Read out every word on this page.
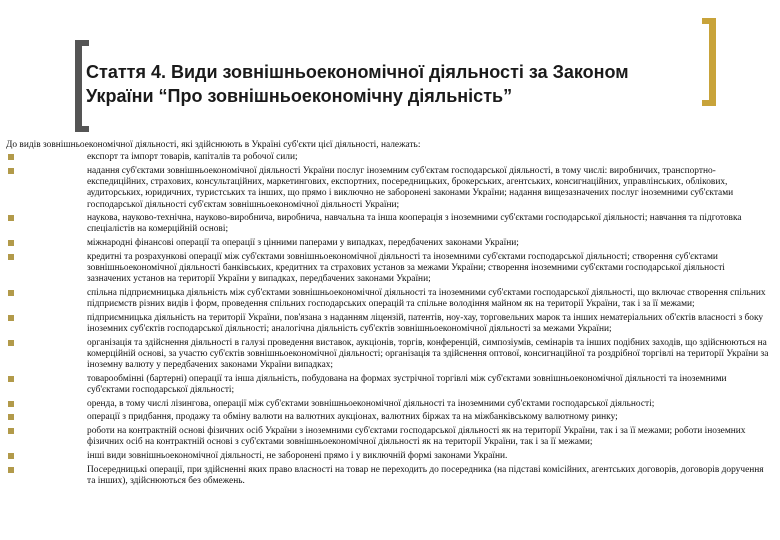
Стаття 4. Види зовнішньоекономічної діяльності за Законом
України “Про зовнішньоекономічну діяльність”

До видів зовнішньоекономічної діяльності, які здійснюють в Україні суб'єкти цієї діяльності, належать:

експорт та імпорт товарів, капіталів та робочої сили;
надання суб'єктами зовнішньоекономічної діяльності України послуг іноземним суб'єктам господарської діяльності, в тому числі: виробничих, транспортно-експедиційних, страхових, консультаційних, маркетингових, експортних, посередницьких, брокерських, агентських, консигнаційних, управлінських, облікових, аудиторських, юридичних, туристських та інших, що прямо і виключно не заборонені законами України; надання вищезазначених послуг іноземними суб'єктами господарської діяльності суб'єктам зовнішньоекономічної діяльності України;
наукова, науково-технічна, науково-виробнича, виробнича, навчальна та інша кооперація з іноземними суб'єктами господарської діяльності; навчання та підготовка спеціалістів на комерційній основі;
міжнародні фінансові операції та операції з цінними паперами у випадках, передбачених законами України;
кредитні та розрахункові операції між суб'єктами зовнішньоекономічної діяльності та іноземними суб'єктами господарської діяльності; створення суб'єктами зовнішньоекономічної діяльності банківських, кредитних та страхових установ за межами України; створення іноземними суб'єктами господарської діяльності зазначених установ на території України у випадках, передбачених законами України;
спільна підприємницька діяльність між суб'єктами зовнішньоекономічної діяльності та іноземними суб'єктами господарської діяльності, що включає створення спільних підприємств різних видів і форм, проведення спільних господарських операцій та спільне володіння майном як на території України, так і за її межами;
підприємницька діяльність на території України, пов'язана з наданням ліцензій, патентів, ноу-хау, торговельних марок та інших нематеріальних об'єктів власності з боку іноземних суб'єктів господарської діяльності; аналогічна діяльність суб'єктів зовнішньоекономічної діяльності за межами України;
організація та здійснення діяльності в галузі проведення виставок, аукціонів, торгів, конференцій, симпозіумів, семінарів та інших подібних заходів, що здійснюються на комерційній основі, за участю суб'єктів зовнішньоекономічної діяльності; організація та здійснення оптової, консигнаційної та роздрібної торгівлі на території України за іноземну валюту у передбачених законами України випадках;
товарообмінні (бартерні) операції та інша діяльність, побудована на формах зустрічної торгівлі між суб'єктами зовнішньоекономічної діяльності та іноземними суб'єктами господарської діяльності;
оренда, в тому числі лізингова, операції між суб'єктами зовнішньоекономічної діяльності та іноземними суб'єктами господарської діяльності;
операції з придбання, продажу та обміну валюти на валютних аукціонах, валютних біржах та на міжбанківському валютному ринку;
роботи на контрактній основі фізичних осіб України з іноземними суб'єктами господарської діяльності як на території України, так і за її межами; роботи іноземних фізичних осіб на контрактній основі з суб'єктами зовнішньоекономічної діяльності як на території України, так і за її межами;
інші види зовнішньоекономічної діяльності, не заборонені прямо і у виключній формі законами України.
Посередницькі операції, при здійсненні яких право власності на товар не переходить до посередника (на підставі комісійних, агентських договорів, договорів доручення та інших), здійснюються без обмежень.
